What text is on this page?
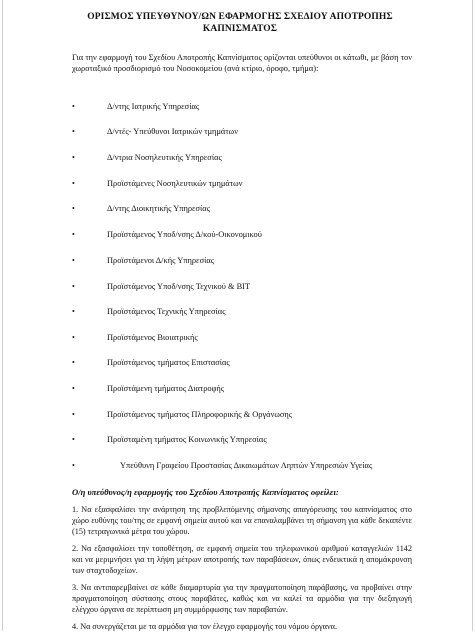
ΟΡΙΣΜΟΣ ΥΠΕΥΘΥΝΟΥ/ΩΝ ΕΦΑΡΜΟΓΗΣ ΣΧΕΔΙΟΥ ΑΠΟΤΡΟΠΗΣ
ΚΑΠΝΙΣΜΑΤΟΣ
Για την εφαρμογή του Σχεδίου Αποτροπής Καπνίσματος ορίζονται υπεύθυνοι οι κάτωθι, με βάση τον χωροταξικό προσδιορισμό του Νοσοκομείου (ανά κτίριο, όροφο, τμήμα):
•	Δ/ντης Ιατρικής Υπηρεσίας
•	Δ/ντές- Υπεύθυνοι Ιατρικών τμημάτων
•	Δ/ντρια Νοσηλευτικής Υπηρεσίας
•	Προϊστάμενες Νοσηλευτικών τμημάτων
•	Δ/ντης Διοικητικής Υπηρεσίας
•	Προϊστάμενος Υποδ/νσης Δ/κού-Οικονομικού
•	Προϊστάμενοι Δ/κής Υπηρεσίας
•	Προϊστάμενος Υποδ/νσης Τεχνικού & ΒΙΤ
•	Προϊστάμενος Τεχνικής Υπηρεσίας
•	Προϊστάμενος Βιοιατρικής
•	Προϊστάμενος τμήματος Επιστασίας
•	Προϊστάμενη τμήματος Διατροφής
•	Προϊστάμενος τμήματος Πληροφορικής & Οργάνωσης
•	Προϊσταμένη τμήματος Κοινωνικής Υπηρεσίας
•	Υπεύθυνη Γραφείου Προστασίας Δικαιωμάτων Ληπτών Υπηρεσιών Υγείας
Ο/η υπεύθυνος/η εφαρμογής του Σχεδίου Αποτροπής Καπνίσματος οφείλει:
1. Να εξασφαλίσει την ανάρτηση της προβλεπόμενης σήμανσης απαγόρευσης του καπνίσματος στο χώρο ευθύνης του/της σε εμφανή σημεία αυτού και να επαναλαμβάνει τη σήμανση για κάθε δεκαπέντε (15) τετραγωνικά μέτρα του χώρου.
2. Να εξασφαλίσει την τοποθέτηση, σε εμφανή σημεία του τηλεφωνικού αριθμού καταγγελιών 1142 και να μεριμνήσει για τη λήψη μέτρων αποτροπής των παραβάσεων, όπως ενδεικτικά η απομάκρυνση των σταχτοδοχείων.
3. Να αντιπαρεμβαίνει σε κάθε διαμαρτυρία για την πραγματοποίηση παράβασης, να προβαίνει στην πραγματοποίηση σύστασης στους παραβάτες, καθώς και να καλεί τα αρμόδια για την διεξαγωγή ελέγχου όργανα σε περίπτωση μη συμμόρφωσης των παραβατών.
4. Να συνεργάζεται με τα αρμόδια για τον έλεγχο εφαρμογής του νόμου όργανα.
